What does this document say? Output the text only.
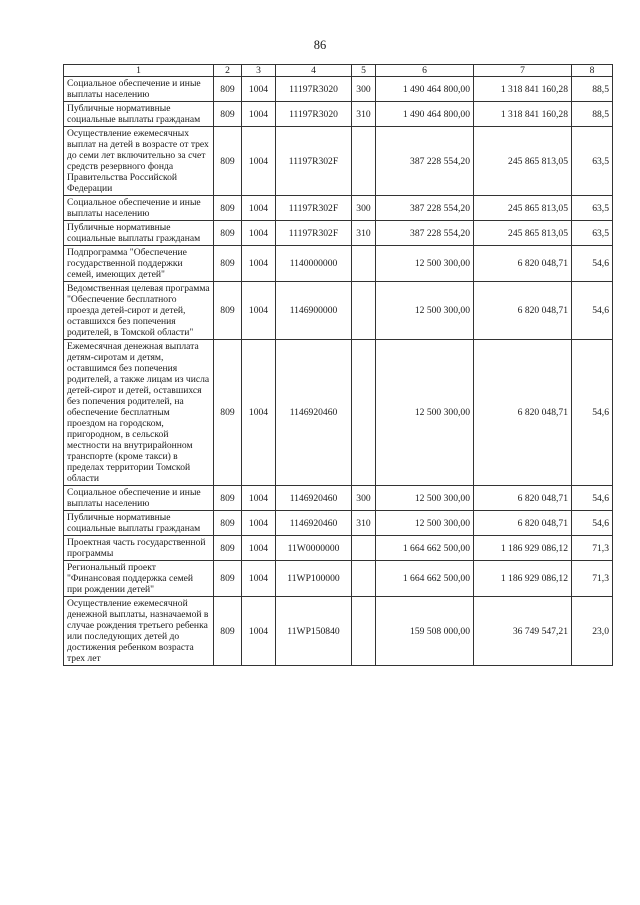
86
1	2	3	4	5	6	7	8
Социальное обеспечение и иные выплаты населению	809	1004	11197R3020	300	1 490 464 800,00	1 318 841 160,28	88,5
Публичные нормативные социальные выплаты гражданам	809	1004	11197R3020	310	1 490 464 800,00	1 318 841 160,28	88,5
Осуществление ежемесячных выплат на детей в возрасте от трех до семи лет включительно за счет средств резервного фонда Правительства Российской Федерации	809	1004	11197R302F		387 228 554,20	245 865 813,05	63,5
Социальное обеспечение и иные выплаты населению	809	1004	11197R302F	300	387 228 554,20	245 865 813,05	63,5
Публичные нормативные социальные выплаты гражданам	809	1004	11197R302F	310	387 228 554,20	245 865 813,05	63,5
Подпрограмма "Обеспечение государственной поддержки семей, имеющих детей"	809	1004	1140000000		12 500 300,00	6 820 048,71	54,6
Ведомственная целевая программа "Обеспечение бесплатного проезда детей-сирот и детей, оставшихся без попечения родителей, в Томской области"	809	1004	1146900000		12 500 300,00	6 820 048,71	54,6
Ежемесячная денежная выплата детям-сиротам и детям, оставшимся без попечения родителей, а также лицам из числа детей-сирот и детей, оставшихся без попечения родителей, на обеспечение бесплатным проездом на городском, пригородном, в сельской местности на внутрирайонном транспорте (кроме такси) в пределах территории Томской области	809	1004	1146920460		12 500 300,00	6 820 048,71	54,6
Социальное обеспечение и иные выплаты населению	809	1004	1146920460	300	12 500 300,00	6 820 048,71	54,6
Публичные нормативные социальные выплаты гражданам	809	1004	1146920460	310	12 500 300,00	6 820 048,71	54,6
Проектная часть государственной программы	809	1004	11W0000000		1 664 662 500,00	1 186 929 086,12	71,3
Региональный проект "Финансовая поддержка семей при рождении детей"	809	1004	11WP100000		1 664 662 500,00	1 186 929 086,12	71,3
Осуществление ежемесячной денежной выплаты, назначаемой в случае рождения третьего ребенка или последующих детей до достижения ребенком возраста трех лет	809	1004	11WP150840		159 508 000,00	36 749 547,21	23,0
